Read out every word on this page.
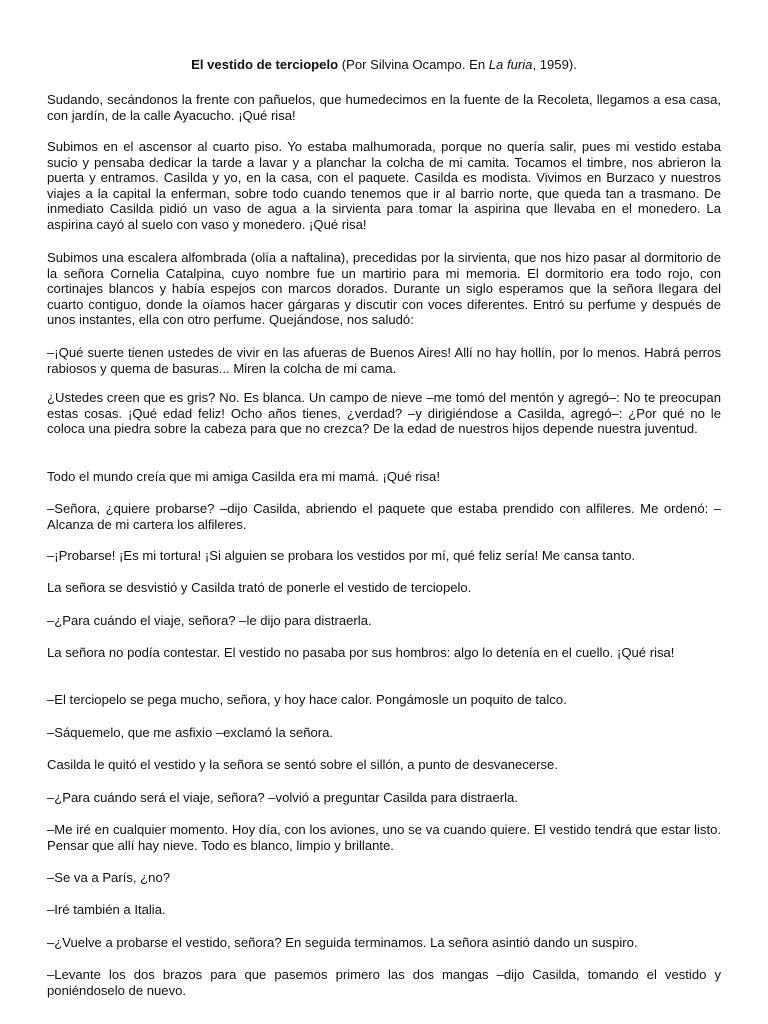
El vestido de terciopelo (Por Silvina Ocampo. En La furia, 1959).

Sudando, secándonos la frente con pañuelos, que humedecimos en la fuente de la Recoleta, llegamos a esa casa, con jardín, de la calle Ayacucho. ¡Qué risa!

Subimos en el ascensor al cuarto piso. Yo estaba malhumorada, porque no quería salir, pues mi vestido estaba sucio y pensaba dedicar la tarde a lavar y a planchar la colcha de mi camita. Tocamos el timbre, nos abrieron la puerta y entramos. Casilda y yo, en la casa, con el paquete. Casilda es modista. Vivimos en Burzaco y nuestros viajes a la capital la enferman, sobre todo cuando tenemos que ir al barrio norte, que queda tan a trasmano. De inmediato Casilda pidió un vaso de agua a la sirvienta para tomar la aspirina que llevaba en el monedero. La aspirina cayó al suelo con vaso y monedero. ¡Qué risa!

Subimos una escalera alfombrada (olía a naftalina), precedidas por la sirvienta, que nos hizo pasar al dormitorio de la señora Cornelia Catalpina, cuyo nombre fue un martirio para mi memoria. El dormitorio era todo rojo, con cortinajes blancos y había espejos con marcos dorados. Durante un siglo esperamos que la señora llegara del cuarto contiguo, donde la oíamos hacer gárgaras y discutir con voces diferentes. Entró su perfume y después de unos instantes, ella con otro perfume. Quejándose, nos saludó:

–¡Qué suerte tienen ustedes de vivir en las afueras de Buenos Aires! Allí no hay hollín, por lo menos. Habrá perros rabiosos y quema de basuras... Miren la colcha de mi cama.

¿Ustedes creen que es gris? No. Es blanca. Un campo de nieve –me tomó del mentón y agregó–: No te preocupan estas cosas. ¡Qué edad feliz! Ocho años tienes, ¿verdad? –y dirigiéndose a Casilda, agregó–: ¿Por qué no le coloca una piedra sobre la cabeza para que no crezca? De la edad de nuestros hijos depende nuestra juventud.

Todo el mundo creía que mi amiga Casilda era mi mamá. ¡Qué risa!

–Señora, ¿quiere probarse? –dijo Casilda, abriendo el paquete que estaba prendido con alfileres. Me ordenó: –Alcanza de mi cartera los alfileres.

–¡Probarse! ¡Es mi tortura! ¡Si alguien se probara los vestidos por mí, qué feliz sería! Me cansa tanto.

La señora se desvistió y Casilda trató de ponerle el vestido de terciopelo.

–¿Para cuándo el viaje, señora? –le dijo para distraerla.

La señora no podía contestar. El vestido no pasaba por sus hombros: algo lo detenía en el cuello. ¡Qué risa!

–El terciopelo se pega mucho, señora, y hoy hace calor. Pongámosle un poquito de talco.

–Sáquemelo, que me asfixio –exclamó la señora.

Casilda le quitó el vestido y la señora se sentó sobre el sillón, a punto de desvanecerse.

–¿Para cuándo será el viaje, señora? –volvió a preguntar Casilda para distraerla.

–Me iré en cualquier momento. Hoy día, con los aviones, uno se va cuando quiere. El vestido tendrá que estar listo. Pensar que allí hay nieve. Todo es blanco, limpio y brillante.

–Se va a París, ¿no?

–Iré también a Italia.

–¿Vuelve a probarse el vestido, señora? En seguida terminamos. La señora asintió dando un suspiro.

–Levante los dos brazos para que pasemos primero las dos mangas –dijo Casilda, tomando el vestido y poniéndoselo de nuevo.
